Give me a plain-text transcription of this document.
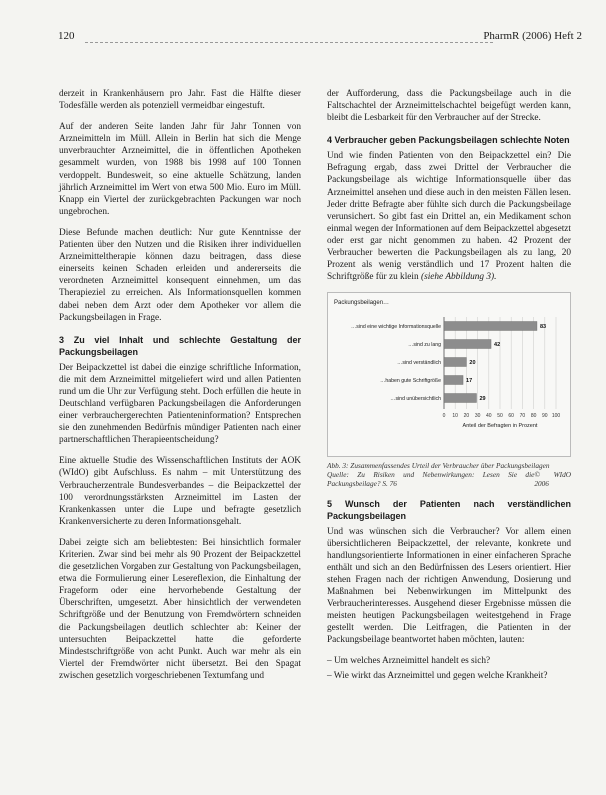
120	PharmR (2006) Heft 2

derzeit in Krankenhäusern pro Jahr. Fast die Hälfte dieser Todesfälle werden als potenziell vermeidbar eingestuft.

Auf der anderen Seite landen Jahr für Jahr Tonnen von Arzneimitteln im Müll. Allein in Berlin hat sich die Menge unverbrauchter Arzneimittel, die in öffentlichen Apotheken gesammelt wurden, von 1988 bis 1998 auf 100 Tonnen verdoppelt. Bundesweit, so eine aktuelle Schätzung, landen jährlich Arzneimittel im Wert von etwa 500 Mio. Euro im Müll. Knapp ein Viertel der zurückgebrachten Packungen war noch ungebrochen.

Diese Befunde machen deutlich: Nur gute Kenntnisse der Patienten über den Nutzen und die Risiken ihrer individuellen Arzneimitteltherapie können dazu beitragen, dass diese einerseits keinen Schaden erleiden und andererseits die verordneten Arzneimittel konsequent einnehmen, um das Therapieziel zu erreichen. Als Informationsquellen kommen dabei neben dem Arzt oder dem Apotheker vor allem die Packungsbeilagen in Frage.

3 Zu viel Inhalt und schlechte Gestaltung der Packungsbeilagen

Der Beipackzettel ist dabei die einzige schriftliche Information, die mit dem Arzneimittel mitgeliefert wird und allen Patienten rund um die Uhr zur Verfügung steht. Doch erfüllen die heute in Deutschland verfügbaren Packungsbeilagen die Anforderungen einer verbrauchergerechten Patienteninformation? Entsprechen sie den zunehmenden Bedürfnis mündiger Patienten nach einer partnerschaftlichen Therapieentscheidung?

Eine aktuelle Studie des Wissenschaftlichen Instituts der AOK (WIdO) gibt Aufschluss. Es nahm – mit Unterstützung des Verbraucherzentrale Bundesverbandes – die Beipackzettel der 100 verordnungsstärksten Arzneimittel im Lasten der Krankenkassen unter die Lupe und befragte gesetzlich Krankenversicherte zu deren Informationsgehalt.

Dabei zeigte sich am beliebtesten: Bei hinsichtlich formaler Kriterien. Zwar sind bei mehr als 90 Prozent der Beipackzettel die gesetzlichen Vorgaben zur Gestaltung von Packungsbeilagen, etwa die Formulierung einer Lesereflexion, die Einhaltung der Frageform oder eine hervorhebende Gestaltung der Überschriften, umgesetzt. Aber hinsichtlich der verwendeten Schriftgröße und der Benutzung von Fremdwörtern schneiden die Packungsbeilagen deutlich schlechter ab: Keiner der untersuchten Beipackzettel hatte die geforderte Mindestschriftgröße von acht Punkt. Auch war mehr als ein Viertel der Fremdwörter nicht übersetzt. Bei den Spagat zwischen gesetzlich vorgeschriebenen Textumfang und

der Aufforderung, dass die Packungsbeilage auch in die Faltschachtel der Arzneimittelschachtel beigefügt werden kann, bleibt die Lesbarkeit für den Verbraucher auf der Strecke.

4 Verbraucher geben Packungsbeilagen schlechte Noten

Und wie finden Patienten von den Beipackzettel ein? Die Befragung ergab, dass zwei Drittel der Verbraucher die Packungsbeilage als wichtige Informationsquelle über das Arzneimittel ansehen und diese auch in den meisten Fällen lesen. Jeder dritte Befragte aber fühlte sich durch die Packungsbeilage verunsichert. So gibt fast ein Drittel an, ein Medikament schon einmal wegen der Informationen auf dem Beipackzettel abgesetzt oder erst gar nicht genommen zu haben. 42 Prozent der Verbraucher bewerten die Packungsbeilagen als zu lang, 20 Prozent als wenig verständlich und 17 Prozent halten die Schriftgröße für zu klein (siehe Abbildung 3).

Packungsbeilagen…
0 10 20 30 40 50 60 70 80 90 100
…sind eine wichtige Informationsquelle	83
…sind zu lang	42
…sind verständlich	20
…haben gute Schriftgröße	17
…sind unübersichtlich	29
Anteil der Befragten in Prozent
Abb. 3: Zusammenfassendes Urteil der Verbraucher über Packungsbeilagen
Quelle: Zu Risiken und Nebenwirkungen: Lesen Sie die Packungsbeilage? S. 76
© WIdO 2006
5 Wunsch der Patienten nach verständlichen Packungsbeilagen

Und was wünschen sich die Verbraucher? Vor allem einen übersichtlicheren Beipackzettel, der relevante, konkrete und handlungsorientierte Informationen in einer einfacheren Sprache enthält und sich an den Bedürfnissen des Lesers orientiert. Hier stehen Fragen nach der richtigen Anwendung, Dosierung und Maßnahmen bei Nebenwirkungen im Mittelpunkt des Verbraucherinteresses. Ausgehend dieser Ergebnisse müssen die meisten heutigen Packungsbeilagen weitestgehend in Frage gestellt werden. Die Leitfragen, die Patienten in der Packungsbeilage beantwortet haben möchten, lauten:

– Um welches Arzneimittel handelt es sich?
– Wie wirkt das Arzneimittel und gegen welche Krankheit?
